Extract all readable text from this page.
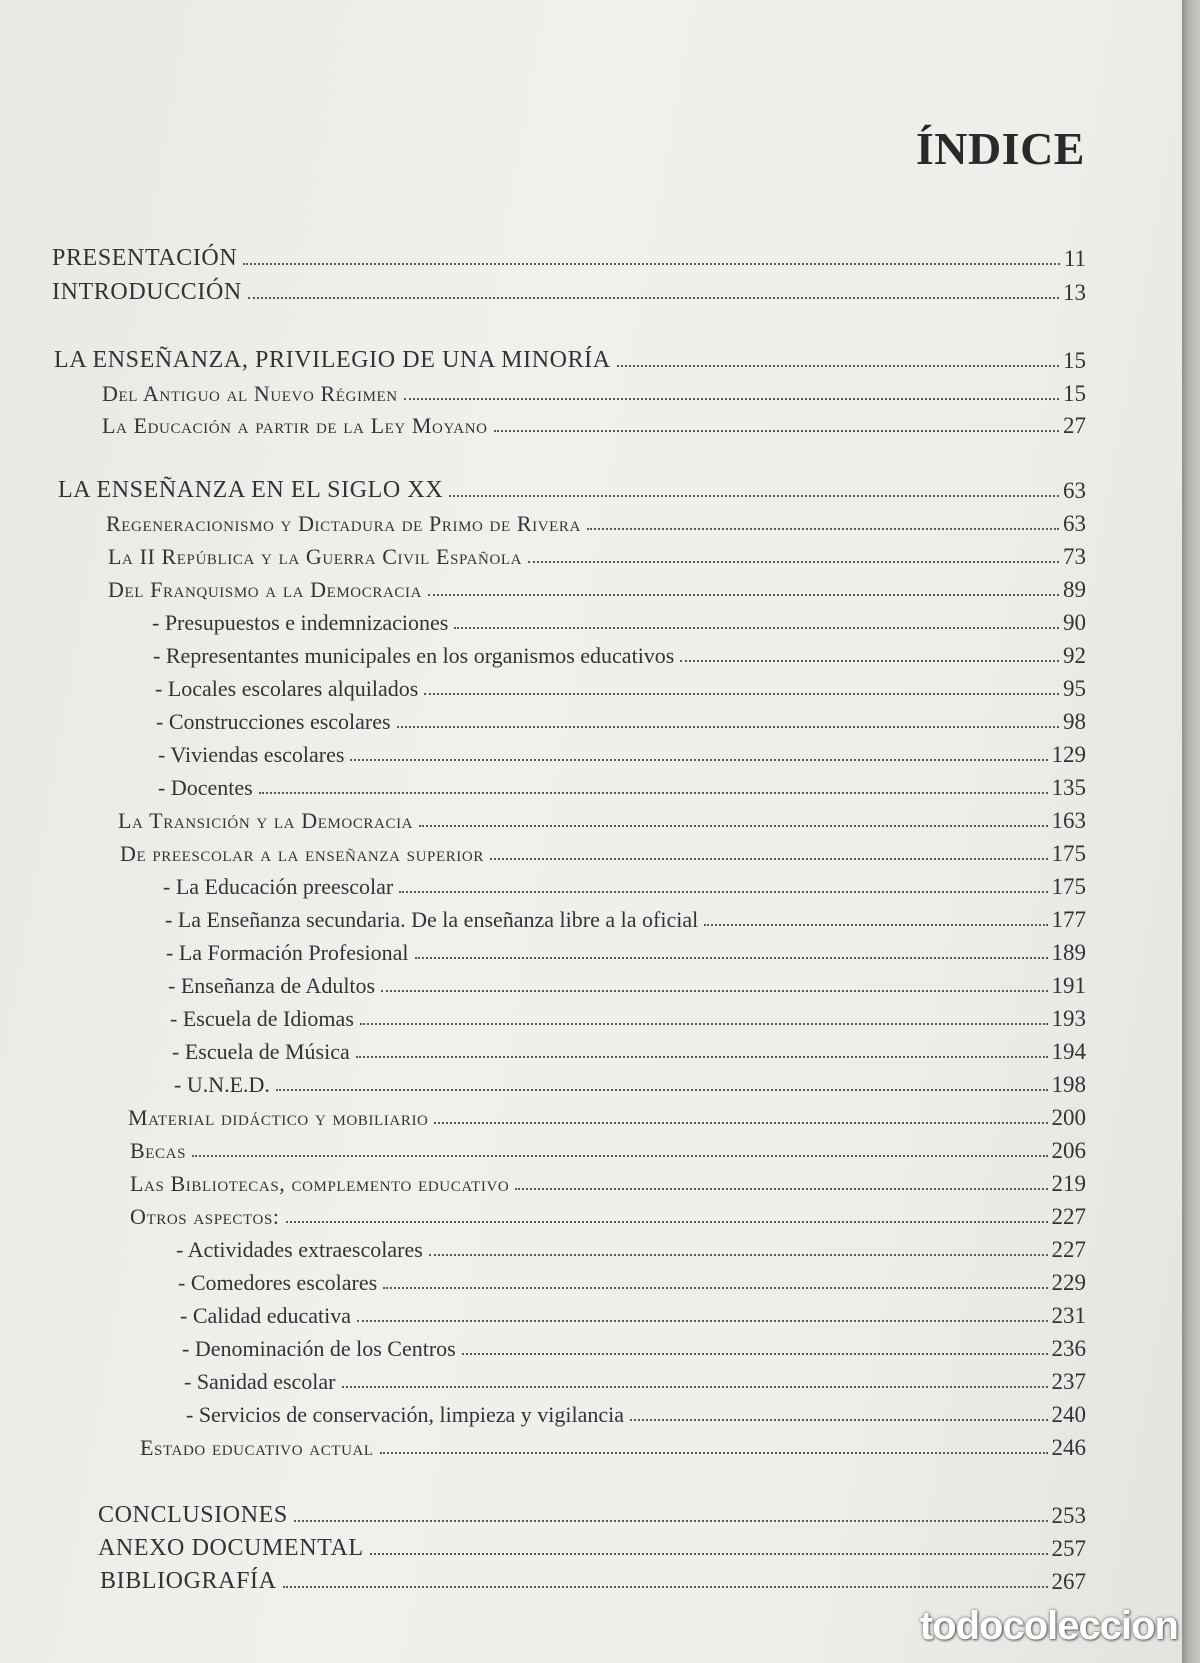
ÍNDICE
PRESENTACIÓN	11
INTRODUCCIÓN	13
LA ENSEÑANZA, PRIVILEGIO DE UNA MINORÍA	15
Del Antiguo al Nuevo Régimen	15
La Educación a partir de la Ley Moyano	27
LA ENSEÑANZA EN EL SIGLO XX	63
Regeneracionismo y Dictadura de Primo de Rivera	63
La II República y la Guerra Civil Española	73
Del Franquismo a la Democracia	89
- Presupuestos e indemnizaciones	90
- Representantes municipales en los organismos educativos	92
- Locales escolares alquilados	95
- Construcciones escolares	98
- Viviendas escolares	129
- Docentes	135
La Transición y la Democracia	163
De preescolar a la enseñanza superior	175
- La Educación preescolar	175
- La Enseñanza secundaria. De la enseñanza libre a la oficial	177
- La Formación Profesional	189
- Enseñanza de Adultos	191
- Escuela de Idiomas	193
- Escuela de Música	194
- U.N.E.D.	198
Material didáctico y mobiliario	200
Becas	206
Las Bibliotecas, complemento educativo	219
Otros aspectos:	227
- Actividades extraescolares	227
- Comedores escolares	229
- Calidad educativa	231
- Denominación de los Centros	236
- Sanidad escolar	237
- Servicios de conservación, limpieza y vigilancia	240
Estado educativo actual	246
CONCLUSIONES	253
ANEXO DOCUMENTAL	257
BIBLIOGRAFÍA	267
todocoleccion
